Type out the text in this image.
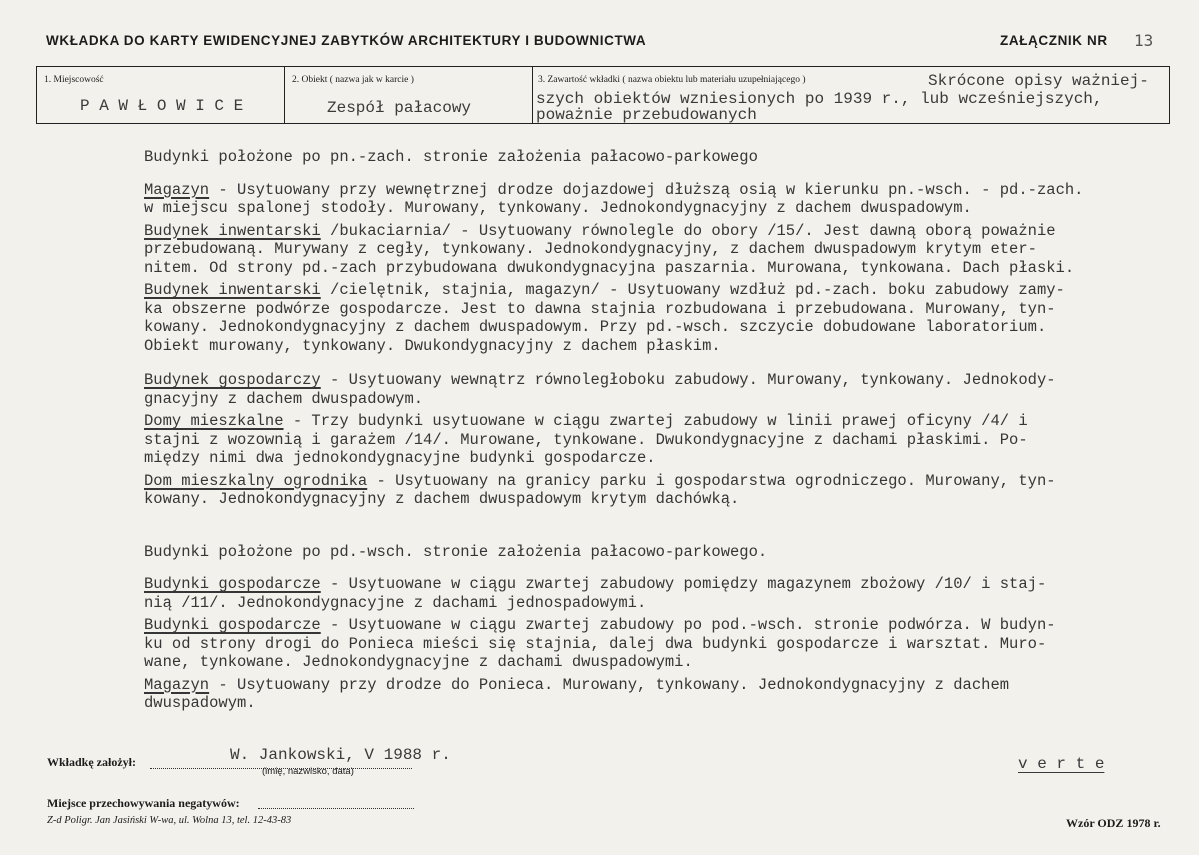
WKŁADKA DO KARTY EWIDENCYJNEJ ZABYTKÓW ARCHITEKTURY I BUDOWNICTWA	ZAŁĄCZNIK NR 13
1. Miejscowość
P A W Ł O W I C E
2. Obiekt ( nazwa jak w karcie )
Zespół pałacowy
3. Zawartość wkładki ( nazwa obiektu lub materiału uzupełniającego )	Skrócone opisy ważniej-
szych obiektów wzniesionych po 1939 r., lub wcześniejszych,
poważnie przebudowanych
Budynki położone po pn.-zach. stronie założenia pałacowo-parkowego
Magazyn - Usytuowany przy wewnętrznej drodze dojazdowej dłuższą osią w kierunku pn.-wsch. - pd.-zach.
w miejscu spalonej stodoły. Murowany, tynkowany. Jednokondygnacyjny z dachem dwuspadowym.
Budynek inwentarski /bukaciarnia/ - Usytuowany równolegle do obory /15/. Jest dawną oborą poważnie
przebudowaną. Murywany z cegły, tynkowany. Jednokondygnacyjny, z dachem dwuspadowym krytym eter-
nitem. Od strony pd.-zach przybudowana dwukondygnacyjna paszarnia. Murowana, tynkowana. Dach płaski.
Budynek inwentarski /cielętnik, stajnia, magazyn/ - Usytuowany wzdłuż pd.-zach. boku zabudowy zamy-
ka obszerne podwórze gospodarcze. Jest to dawna stajnia rozbudowana i przebudowana. Murowany, tyn-
kowany. Jednokondygnacyjny z dachem dwuspadowym. Przy pd.-wsch. szczycie dobudowane laboratorium.
Obiekt murowany, tynkowany. Dwukondygnacyjny z dachem płaskim.
Budynek gospodarczy - Usytuowany wewnątrz równoległoboku zabudowy. Murowany, tynkowany. Jednokody-
gnacyjny z dachem dwuspadowym.
Domy mieszkalne - Trzy budynki usytuowane w ciągu zwartej zabudowy w linii prawej oficyny /4/ i
stajni z wozownią i garażem /14/. Murowane, tynkowane. Dwukondygnacyjne z dachami płaskimi. Po-
między nimi dwa jednokondygnacyjne budynki gospodarcze.
Dom mieszkalny ogrodnika - Usytuowany na granicy parku i gospodarstwa ogrodniczego. Murowany, tyn-
kowany. Jednokondygnacyjny z dachem dwuspadowym krytym dachówką.
Budynki położone po pd.-wsch. stronie założenia pałacowo-parkowego.
Budynki gospodarcze - Usytuowane w ciągu zwartej zabudowy pomiędzy magazynem zbożowy /10/ i staj-
nią /11/. Jednokondygnacyjne z dachami jednospadowymi.
Budynki gospodarcze - Usytuowane w ciągu zwartej zabudowy po pod.-wsch. stronie podwórza. W budyn-
ku od strony drogi do Poniecа mieści się stajnia, dalej dwa budynki gospodarcze i warsztat. Muro-
wane, tynkowane. Jednokondygnacyjne z dachami dwuspadowymi.
Magazyn - Usytuowany przy drodze do Ponieca. Murowany, tynkowany. Jednokondygnacyjny z dachem
dwuspadowym.
Wkładkę założył:	W. Jankowski, V 1988 r.
(imię, nazwisko, data)	v e r t e
Miejsce przechowywania negatywów:
Z-d Poligr. Jan Jasiński W-wa, ul. Wolna 13, tel. 12-43-83	Wzór ODZ 1978 r.
